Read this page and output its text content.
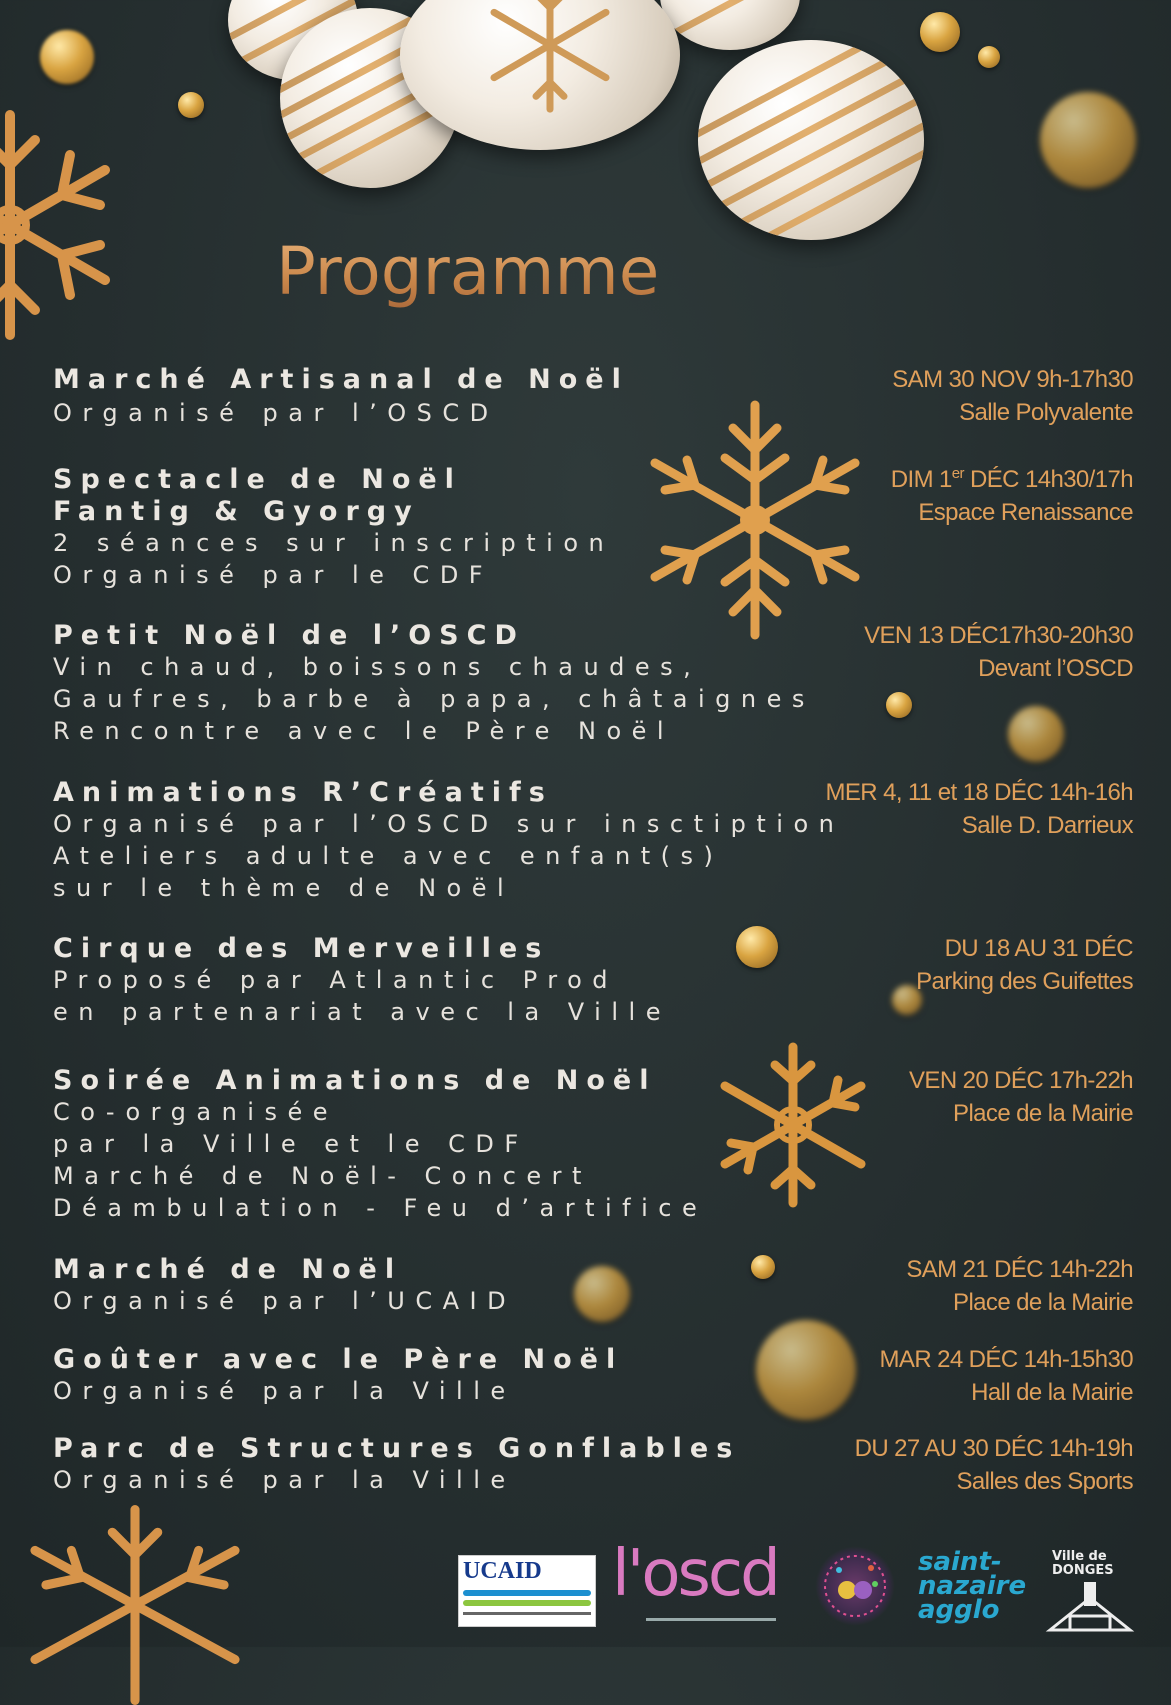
Programme
Marché Artisanal de Noël
Organisé par l’OSCD
SAM 30 NOV 9h-17h30
Salle Polyvalente
Spectacle de Noël
Fantig & Gyorgy
2 séances sur inscription
Organisé par le CDF
DIM 1er DÉC 14h30/17h
Espace Renaissance
Petit Noël de l’OSCD
Vin chaud, boissons chaudes,
Gaufres, barbe à papa, châtaignes
Rencontre avec le Père Noël
VEN 13 DÉC17h30-20h30
Devant l’OSCD
Animations R’Créatifs
Organisé par l’OSCD sur insctiption
Ateliers adulte avec enfant(s)
sur le thème de Noël
MER 4, 11 et 18 DÉC 14h-16h
Salle D. Darrieux
Cirque des Merveilles
Proposé par Atlantic Prod
en partenariat avec la Ville
DU 18 AU 31 DÉC
Parking des Guifettes
Soirée Animations de Noël
Co-organisée
par la Ville et le CDF
Marché de Noël- Concert
Déambulation - Feu d’artifice
VEN 20 DÉC 17h-22h
Place de la Mairie
Marché de Noël
Organisé par l’UCAID
SAM 21 DÉC 14h-22h
Place de la Mairie
Goûter avec le Père Noël
Organisé par la Ville
MAR 24 DÉC 14h-15h30
Hall de la Mairie
Parc de Structures Gonflables
Organisé par la Ville
DU 27 AU 30 DÉC 14h-19h
Salles des Sports
UCAID l'oscd	saint-
nazaire
agglo
Ville de
DONGES
